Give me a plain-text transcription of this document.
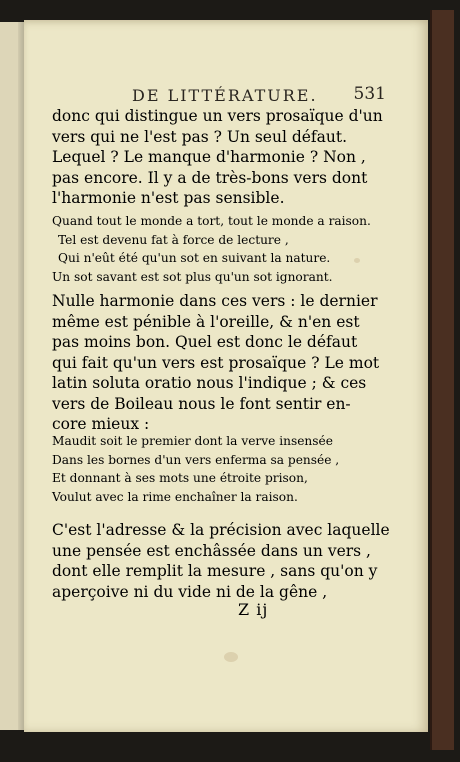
DE LITTÉRATURE.	531
donc qui distingue un vers prosaïque d'un
vers qui ne l'est pas ? Un seul défaut.
Lequel ? Le manque d'harmonie ? Non ,
pas encore. Il y a de très-bons vers dont
l'harmonie n'est pas sensible.
Quand tout le monde a tort, tout le monde a raison.
Tel est devenu fat à force de lecture ,
Qui n'eût été qu'un sot en suivant la nature.
Un sot savant est sot plus qu'un sot ignorant.
Nulle harmonie dans ces vers : le dernier
même est pénible à l'oreille, & n'en est
pas moins bon. Quel est donc le défaut
qui fait qu'un vers est prosaïque ? Le mot
latin soluta oratio nous l'indique ; & ces
vers de Boileau nous le font sentir en-
core mieux :
Maudit soit le premier dont la verve insensée
Dans les bornes d'un vers enferma sa pensée ,
Et donnant à ses mots une étroite prison,
Voulut avec la rime enchaîner la raison.
C'est l'adresse & la précision avec laquelle
une pensée est enchâssée dans un vers ,
dont elle remplit la mesure , sans qu'on y
aperçoive ni du vide ni de la gêne ,
Z ij
